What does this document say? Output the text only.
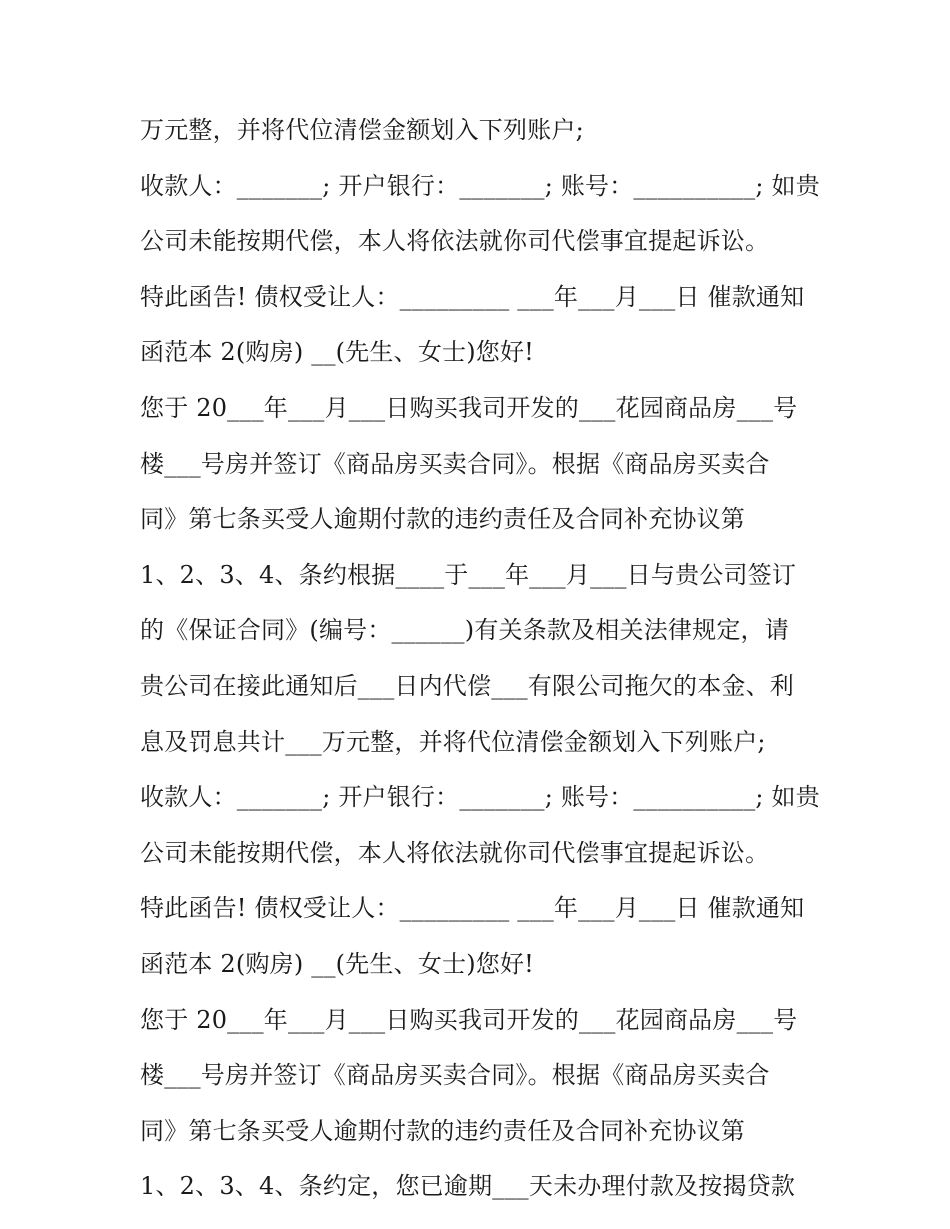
万元整，并将代位清偿金额划入下列账户;
收款人：_______; 开户银行：_______; 账号：__________; 如贵
公司未能按期代偿，本人将依法就你司代偿事宜提起诉讼。
特此函告! 债权受让人：_________ ___年___月___日 催款通知
函范本 2(购房) __(先生、女士)您好!
您于 20___年___月___日购买我司开发的___花园商品房___号
楼___号房并签订《商品房买卖合同》。根据《商品房买卖合
同》第七条买受人逾期付款的违约责任及合同补充协议第
1、2、3、4、条约根据____于___年___月___日与贵公司签订
的《保证合同》(编号：______)有关条款及相关法律规定，请
贵公司在接此通知后___日内代偿___有限公司拖欠的本金、利
息及罚息共计___万元整，并将代位清偿金额划入下列账户;
收款人：_______; 开户银行：_______; 账号：__________; 如贵
公司未能按期代偿，本人将依法就你司代偿事宜提起诉讼。
特此函告! 债权受让人：_________ ___年___月___日 催款通知
函范本 2(购房) __(先生、女士)您好!
您于 20___年___月___日购买我司开发的___花园商品房___号
楼___号房并签订《商品房买卖合同》。根据《商品房买卖合
同》第七条买受人逾期付款的违约责任及合同补充协议第
1、2、3、4、条约定，您已逾期___天未办理付款及按揭贷款
